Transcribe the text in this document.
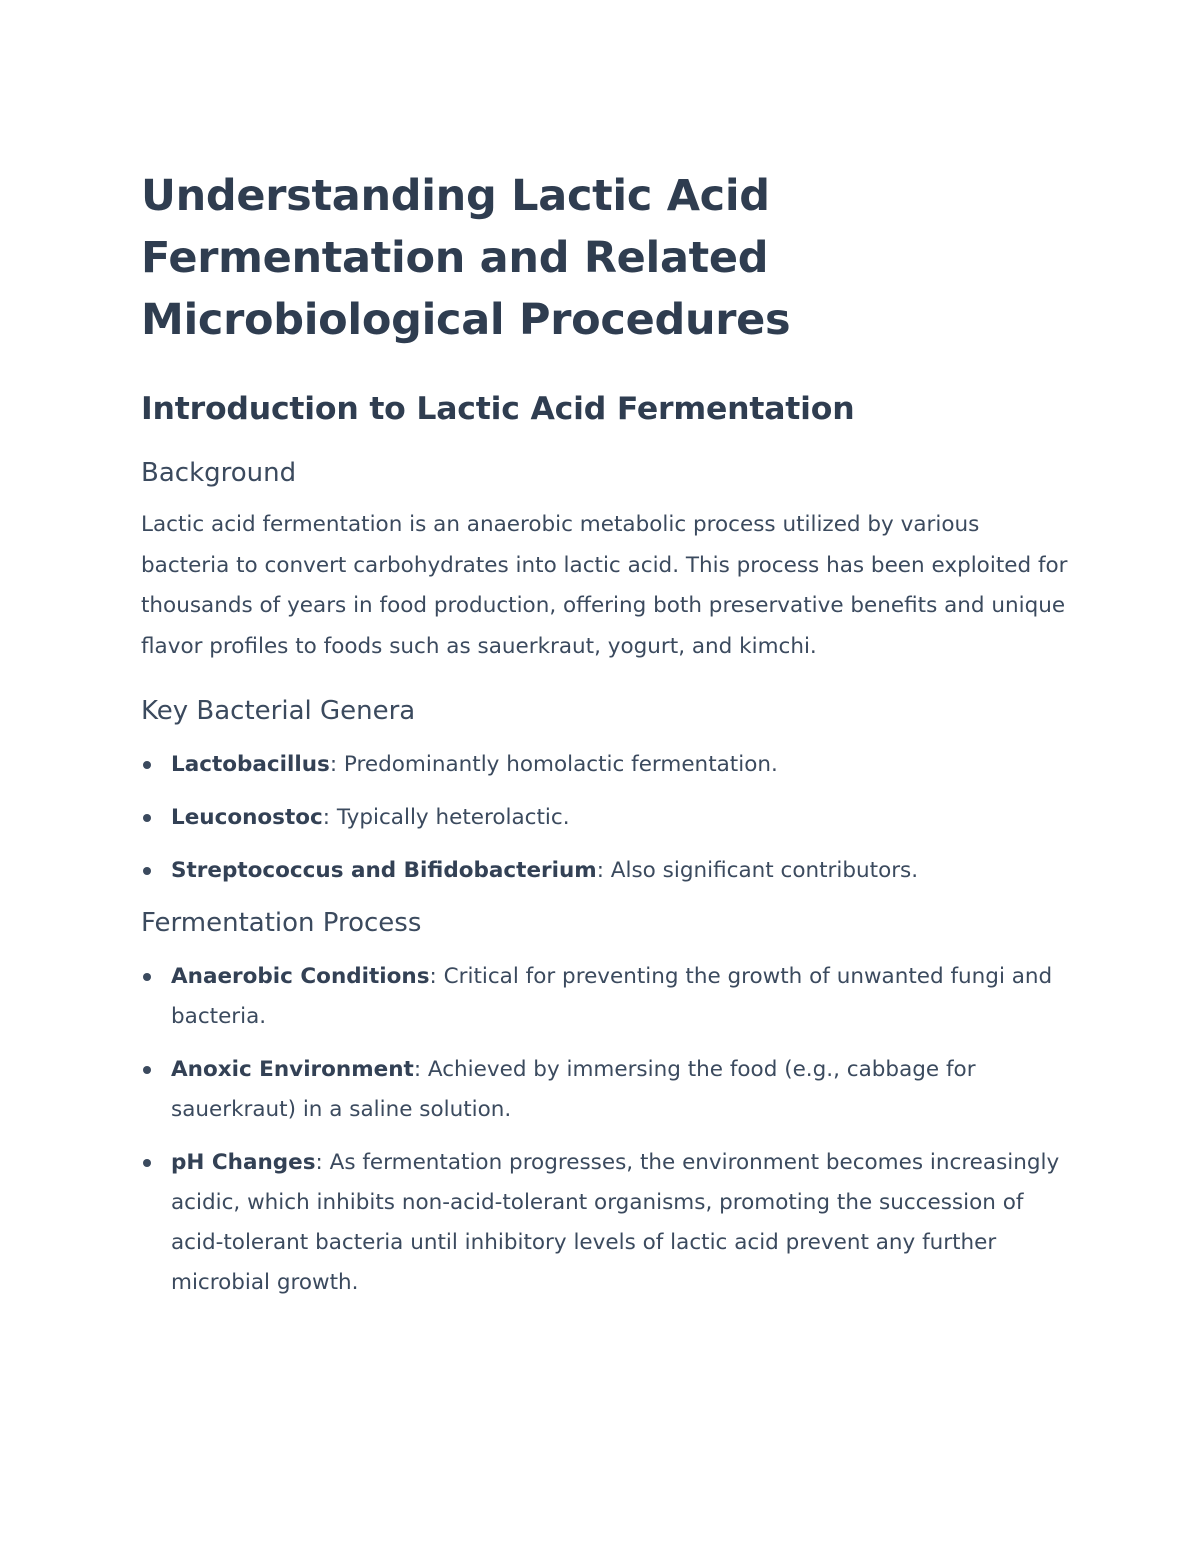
Understanding Lactic Acid
Fermentation and Related
Microbiological Procedures
Introduction to Lactic Acid Fermentation
Background

Lactic acid fermentation is an anaerobic metabolic process utilized by various bacteria to convert carbohydrates into lactic acid. This process has been exploited for thousands of years in food production, offering both preservative benefits and unique flavor profiles to foods such as sauerkraut, yogurt, and kimchi.

Key Bacterial Genera
Lactobacillus: Predominantly homolactic fermentation.
Leuconostoc: Typically heterolactic.
Streptococcus and Bifidobacterium: Also significant contributors.
Fermentation Process
Anaerobic Conditions: Critical for preventing the growth of unwanted fungi and bacteria.
Anoxic Environment: Achieved by immersing the food (e.g., cabbage for sauerkraut) in a saline solution.
pH Changes: As fermentation progresses, the environment becomes increasingly acidic, which inhibits non-acid-tolerant organisms, promoting the succession of acid-tolerant bacteria until inhibitory levels of lactic acid prevent any further microbial growth.
